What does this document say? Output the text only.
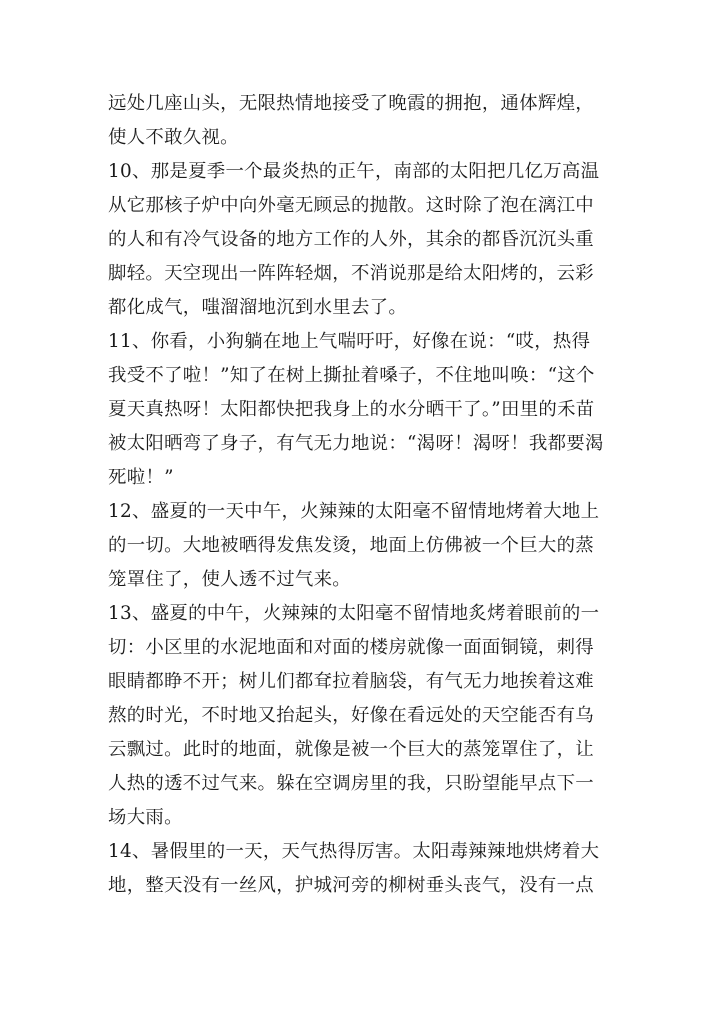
远处几座山头，无限热情地接受了晚霞的拥抱，通体辉煌，
使人不敢久视。
10、那是夏季一个最炎热的正午，南部的太阳把几亿万高温
从它那核子炉中向外毫无顾忌的抛散。这时除了泡在漓江中
的人和有冷气设备的地方工作的人外，其余的都昏沉沉头重
脚轻。天空现出一阵阵轻烟，不消说那是给太阳烤的，云彩
都化成气，嗤溜溜地沉到水里去了。
11、你看，小狗躺在地上气喘吁吁，好像在说：“哎，热得
我受不了啦！”知了在树上撕扯着嗓子，不住地叫唤：“这个
夏天真热呀！太阳都快把我身上的水分晒干了。”田里的禾苗
被太阳晒弯了身子，有气无力地说：“渴呀！渴呀！我都要渴
死啦！”
12、盛夏的一天中午，火辣辣的太阳毫不留情地烤着大地上
的一切。大地被晒得发焦发烫，地面上仿佛被一个巨大的蒸
笼罩住了，使人透不过气来。
13、盛夏的中午，火辣辣的太阳毫不留情地炙烤着眼前的一
切：小区里的水泥地面和对面的楼房就像一面面铜镜，刺得
眼睛都睁不开；树儿们都耷拉着脑袋，有气无力地挨着这难
熬的时光，不时地又抬起头，好像在看远处的天空能否有乌
云飘过。此时的地面，就像是被一个巨大的蒸笼罩住了，让
人热的透不过气来。躲在空调房里的我，只盼望能早点下一
场大雨。
14、暑假里的一天，天气热得厉害。太阳毒辣辣地烘烤着大
地，整天没有一丝风，护城河旁的柳树垂头丧气，没有一点
